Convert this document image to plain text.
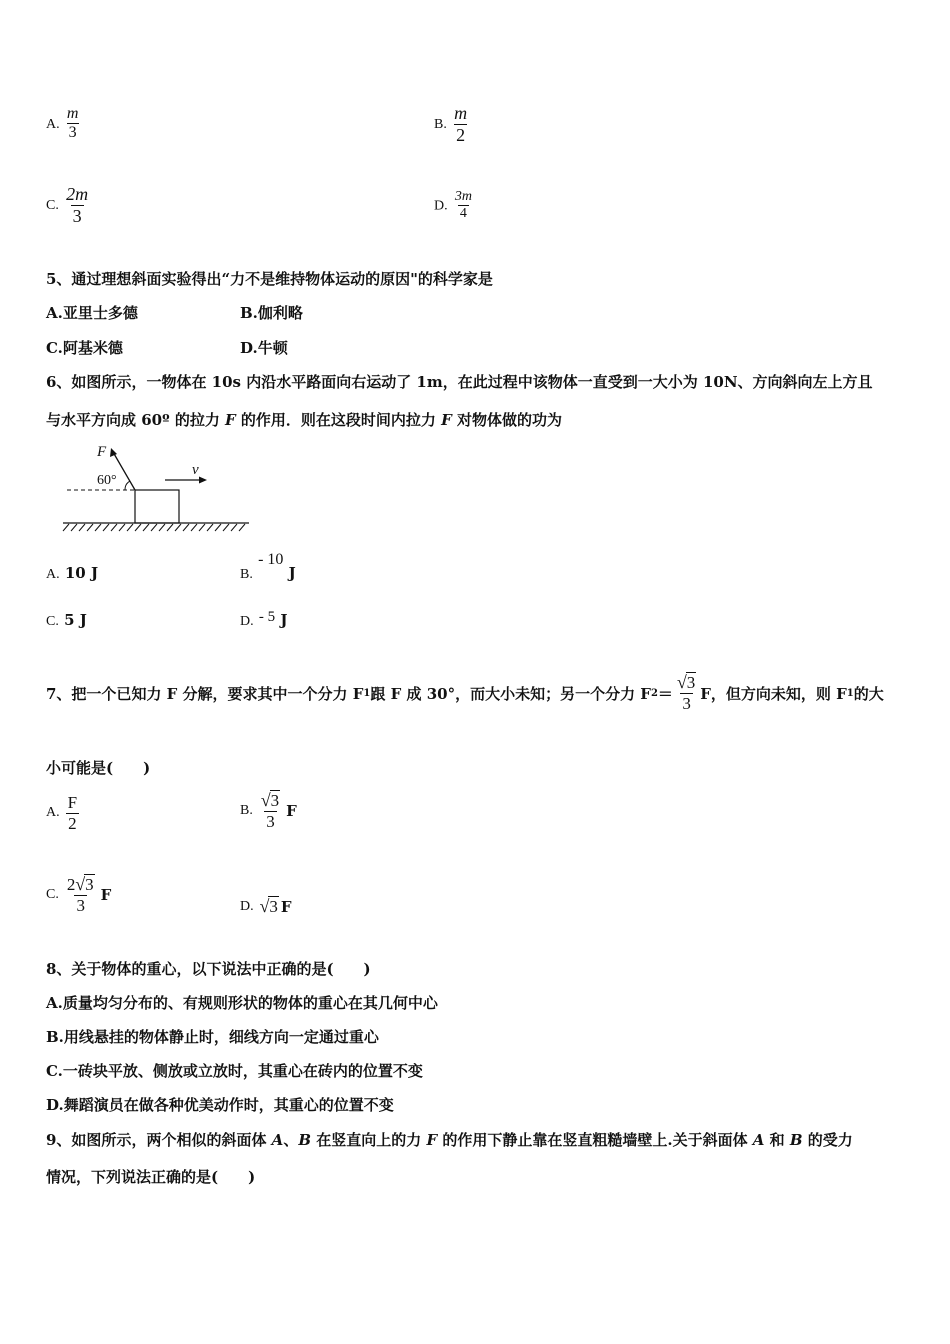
A. $\frac{m}{3}$	B. $\frac{m}{2}$
C. $\frac{2m}{3}$	D. $\frac{3m}{4}$
5、通过理想斜面实验得出“力不是维持物体运动的原因"的科学家是
A.亚里士多德	B.伽利略
C.阿基米德	D.牛顿
6、如图所示，一物体在 10s 内沿水平路面向右运动了 1m，在此过程中该物体一直受到一大小为 10N、方向斜向左上方且
与水平方向成 60º 的拉力 F 的作用．则在这段时间内拉力 F 对物体做的功为
F
60°
v
A. 10 J	B. - 10 J
C. 5 J	D. - 5 J
7、把一个已知力 F 分解，要求其中一个分力 F 1 跟 F 成 30°，而大小未知；另一个分力 F $2 = \frac{√ 3}{3}$ F，但方向未知，则 F 1 的大
小可能是(　　)
A. $\frac{F}{2}$	B. $\frac{√ 3}{3}$ F
C. $\frac{2 √ 3}{3}$ F
D. √ 3 F
8、关于物体的重心，以下说法中正确的是(　　)
A.质量均匀分布的、有规则形状的物体的重心在其几何中心
B.用线悬挂的物体静止时，细线方向一定通过重心
C.一砖块平放、侧放或立放时，其重心在砖内的位置不变
D.舞蹈演员在做各种优美动作时，其重心的位置不变
9、如图所示，两个相似的斜面体 A、B 在竖直向上的力 F 的作用下静止靠在竖直粗糙墙壁上.关于斜面体 A 和 B 的受力
情况，下列说法正确的是(　　)
